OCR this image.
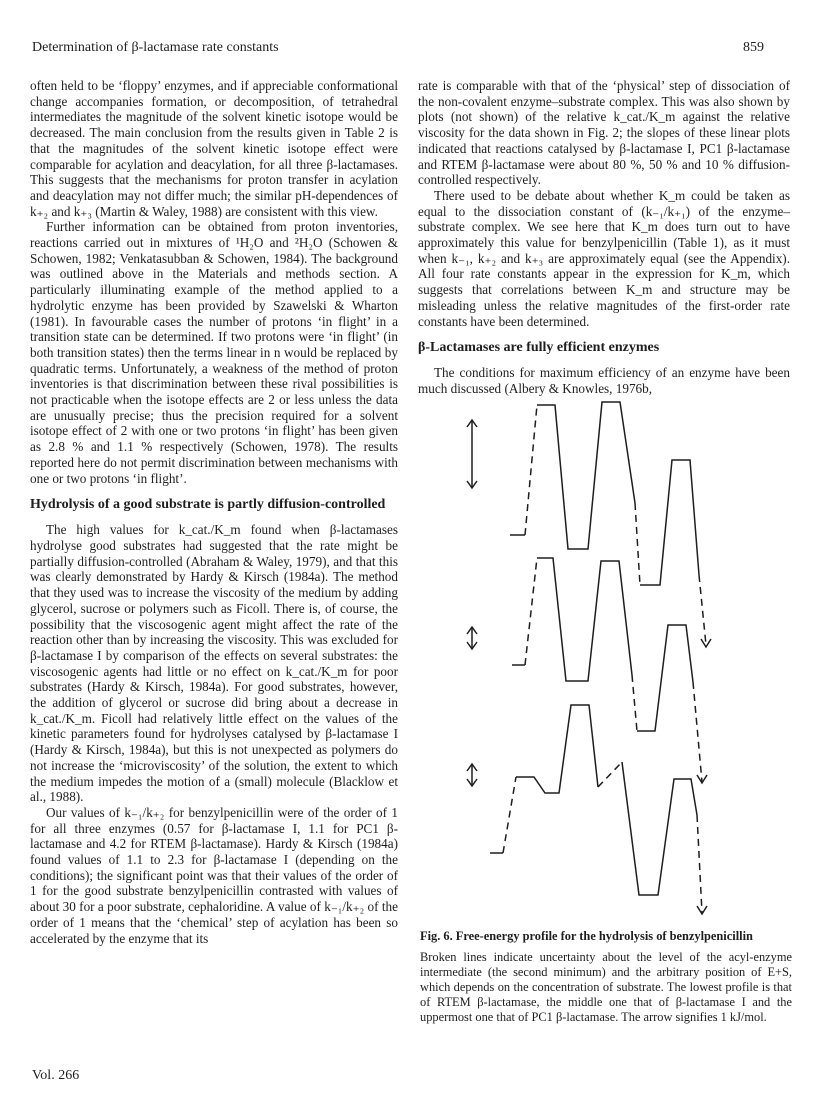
Determination of β-lactamase rate constants	859

often held to be ‘floppy’ enzymes, and if appreciable conformational change accompanies formation, or decomposition, of tetrahedral intermediates the magnitude of the solvent kinetic isotope would be decreased. The main conclusion from the results given in Table 2 is that the magnitudes of the solvent kinetic isotope effect were comparable for acylation and deacylation, for all three β-lactamases. This suggests that the mechanisms for proton transfer in acylation and deacylation may not differ much; the similar pH-dependences of k₊₂ and k₊₃ (Martin & Waley, 1988) are consistent with this view.

Further information can be obtained from proton inventories, reactions carried out in mixtures of ¹H₂O and ²H₂O (Schowen & Schowen, 1982; Venkatasubban & Schowen, 1984). The background was outlined above in the Materials and methods section. A particularly illuminating example of the method applied to a hydrolytic enzyme has been provided by Szawelski & Wharton (1981). In favourable cases the number of protons ‘in flight’ in a transition state can be determined. If two protons were ‘in flight’ (in both transition states) then the terms linear in n would be replaced by quadratic terms. Unfortunately, a weakness of the method of proton inventories is that discrimination between these rival possibilities is not practicable when the isotope effects are 2 or less unless the data are unusually precise; thus the precision required for a solvent isotope effect of 2 with one or two protons ‘in flight’ has been given as 2.8 % and 1.1 % respectively (Schowen, 1978). The results reported here do not permit discrimination between mechanisms with one or two protons ‘in flight’.

Hydrolysis of a good substrate is partly diffusion-controlled

The high values for k_cat./K_m found when β-lactamases hydrolyse good substrates had suggested that the rate might be partially diffusion-controlled (Abraham & Waley, 1979), and that this was clearly demonstrated by Hardy & Kirsch (1984a). The method that they used was to increase the viscosity of the medium by adding glycerol, sucrose or polymers such as Ficoll. There is, of course, the possibility that the viscosogenic agent might affect the rate of the reaction other than by increasing the viscosity. This was excluded for β-lactamase I by comparison of the effects on several substrates: the viscosogenic agents had little or no effect on k_cat./K_m for poor substrates (Hardy & Kirsch, 1984a). For good substrates, however, the addition of glycerol or sucrose did bring about a decrease in k_cat./K_m. Ficoll had relatively little effect on the values of the kinetic parameters found for hydrolyses catalysed by β-lactamase I (Hardy & Kirsch, 1984a), but this is not unexpected as polymers do not increase the ‘microviscosity’ of the solution, the extent to which the medium impedes the motion of a (small) molecule (Blacklow et al., 1988).

Our values of k₋₁/k₊₂ for benzylpenicillin were of the order of 1 for all three enzymes (0.57 for β-lactamase I, 1.1 for PC1 β-lactamase and 4.2 for RTEM β-lactamase). Hardy & Kirsch (1984a) found values of 1.1 to 2.3 for β-lactamase I (depending on the conditions); the significant point was that their values of the order of 1 for the good substrate benzylpenicillin contrasted with values of about 30 for a poor substrate, cephaloridine. A value of k₋₁/k₊₂ of the order of 1 means that the ‘chemical’ step of acylation has been so accelerated by the enzyme that its

rate is comparable with that of the ‘physical’ step of dissociation of the non-covalent enzyme–substrate complex. This was also shown by plots (not shown) of the relative k_cat./K_m against the relative viscosity for the data shown in Fig. 2; the slopes of these linear plots indicated that reactions catalysed by β-lactamase I, PC1 β-lactamase and RTEM β-lactamase were about 80 %, 50 % and 10 % diffusion-controlled respectively.

There used to be debate about whether K_m could be taken as equal to the dissociation constant of (k₋₁/k₊₁) of the enzyme–substrate complex. We see here that K_m does turn out to have approximately this value for benzylpenicillin (Table 1), as it must when k₋₁, k₊₂ and k₊₃ are approximately equal (see the Appendix). All four rate constants appear in the expression for K_m, which suggests that correlations between K_m and structure may be misleading unless the relative magnitudes of the first-order rate constants have been determined.

β-Lactamases are fully efficient enzymes

The conditions for maximum efficiency of an enzyme have been much discussed (Albery & Knowles, 1976b,

Fig. 6. Free-energy profile for the hydrolysis of benzylpenicillin
Broken lines indicate uncertainty about the level of the acyl-enzyme intermediate (the second minimum) and the arbitrary position of E+S, which depends on the concentration of substrate. The lowest profile is that of RTEM β-lactamase, the middle one that of β-lactamase I and the uppermost one that of PC1 β-lactamase. The arrow signifies 1 kJ/mol.
Vol. 266
